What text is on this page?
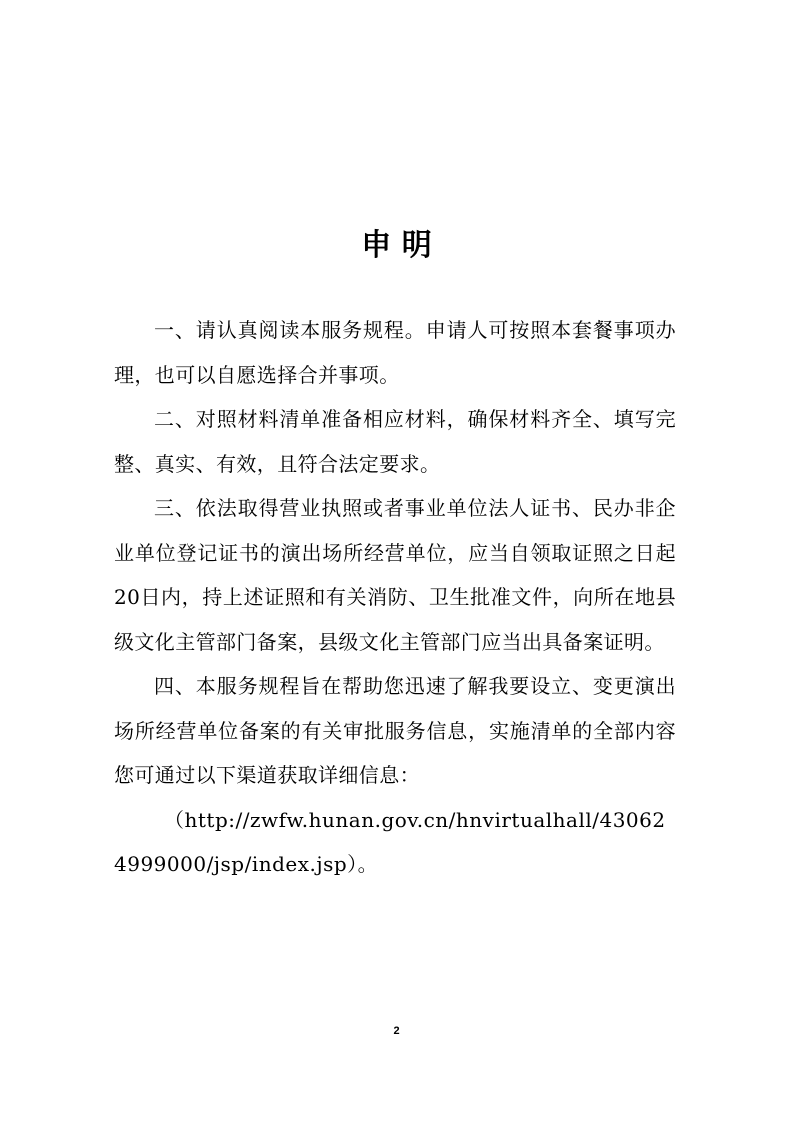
申 明

一、请认真阅读本服务规程。申请人可按照本套餐事项办理，也可以自愿选择合并事项。

二、对照材料清单准备相应材料，确保材料齐全、填写完整、真实、有效，且符合法定要求。

三、依法取得营业执照或者事业单位法人证书、民办非企业单位登记证书的演出场所经营单位，应当自领取证照之日起20日内，持上述证照和有关消防、卫生批准文件，向所在地县级文化主管部门备案，县级文化主管部门应当出具备案证明。

四、本服务规程旨在帮助您迅速了解我要设立、变更演出场所经营单位备案的有关审批服务信息，实施清单的全部内容您可通过以下渠道获取详细信息：

（http://zwfw.hunan.gov.cn/hnvirtualhall/430624999000/jsp/index.jsp）。

2
